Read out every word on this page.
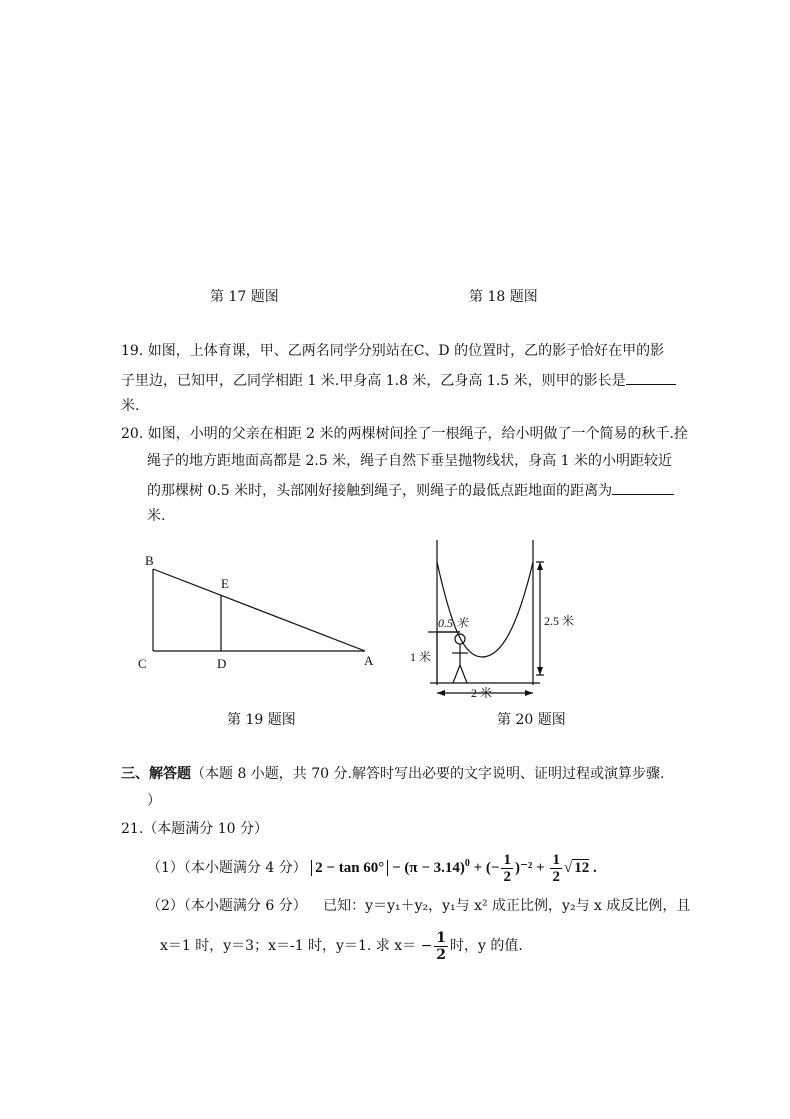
第 17 题图	第 18 题图
19. 如图，上体育课，甲、乙两名同学分别站在C、D 的位置时，乙的影子恰好在甲的影
子里边，已知甲，乙同学相距 1 米.甲身高 1.8 米，乙身高 1.5 米，则甲的影长是
米.
20. 如图，小明的父亲在相距 2 米的两棵树间拴了一根绳子，给小明做了一个简易的秋千.拴
绳子的地方距地面高都是 2.5 米，绳子自然下垂呈抛物线状，身高 1 米的小明距较近
的那棵树 0.5 米时，头部刚好接触到绳子，则绳子的最低点距地面的距离为
米.
B
E
C	D	A
0.5 米
1 米
2 米
2.5 米
第 19 题图	第 20 题图
三、解答题（本题 8 小题，共 70 分.解答时写出必要的文字说明、证明过程或演算步骤.
）
21.（本题满分 10 分）
（1）（本小题满分 4 分） $2 - \tan 60^\circ - (\pi - 3.14)^0$ + (− $\frac{1}{2} )^{-2} + \frac{1}{2}$ √ 12 .
（2）（本小题满分 6 分） 已知：y＝y₁＋y₂，y₁与 x² 成正比例，y₂与 x 成反比例，且
x＝1 时，y＝3；x＝-1 时，y＝1. 求 $x= - \frac{1}{2}$ 时，y 的值.
